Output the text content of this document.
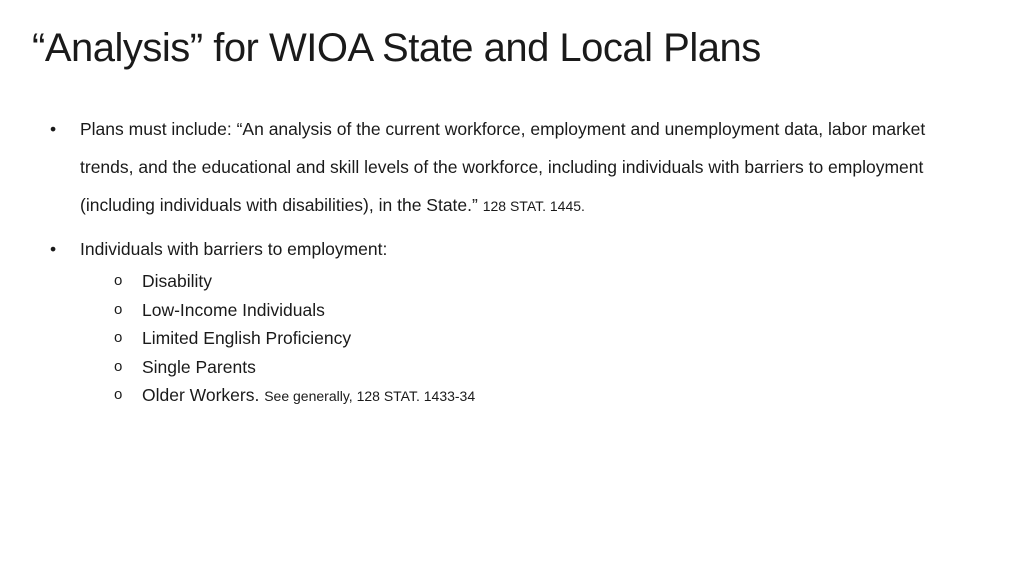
“Analysis” for WIOA State and Local Plans
• Plans must include: “An analysis of the current workforce, employment and unemployment data, labor market trends, and the educational and skill levels of the workforce, including individuals with barriers to employment (including individuals with disabilities), in the State.” 128 STAT. 1445.
• Individuals with barriers to employment:
o Disability
o Low-Income Individuals
o Limited English Proficiency
o Single Parents
o Older Workers. See generally, 128 STAT. 1433-34
